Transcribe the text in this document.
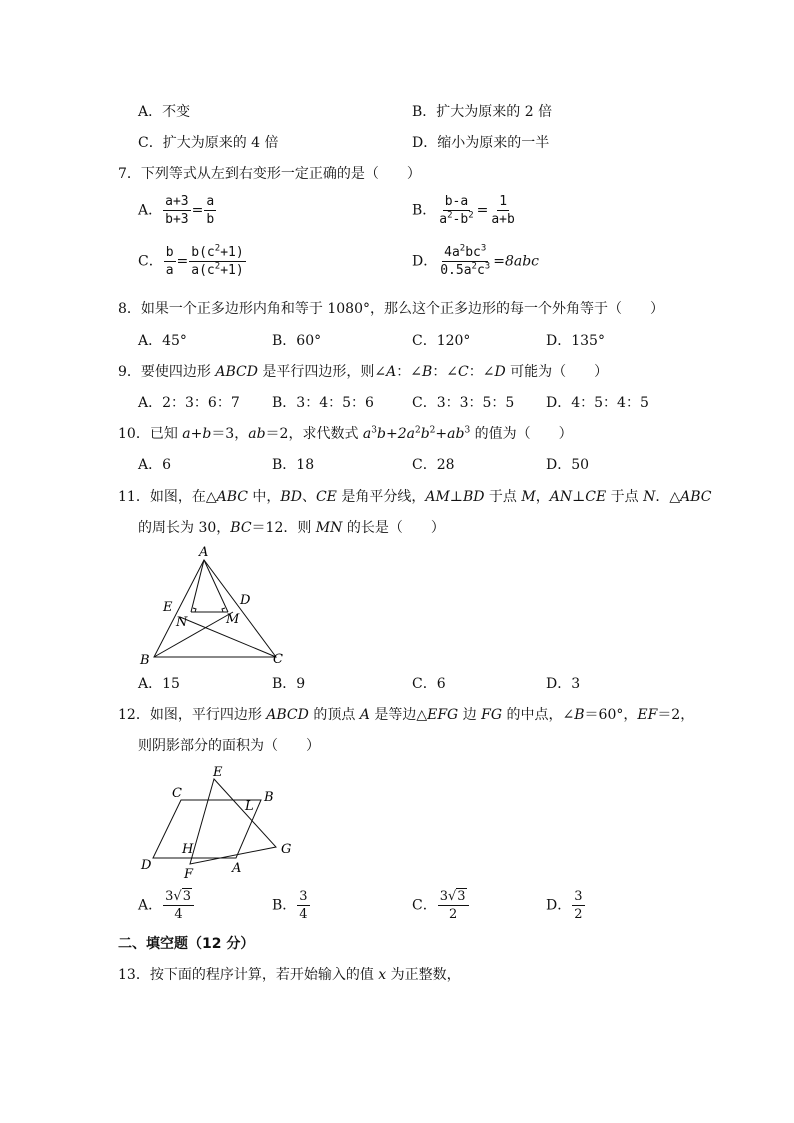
A．不变	B．扩大为原来的 2 倍
C．扩大为原来的 4 倍	D．缩小为原来的一半
7．下列等式从左到右变形一定正确的是（　　）
A． $\frac{a+3}{b+3} = \frac{a}{b}$	B． $\frac{b-a}{a^2-b^2} = \frac{1}{a+b}$
C． $\frac{b}{a} = \frac{b(c^2+1)}{a(c^2+1)}$	D． $\frac{4a^2bc^3}{0.5a^2c^3} =8abc$
8．如果一个正多边形内角和等于 1080°，那么这个正多边形的每一个外角等于（　　）
A．45°	B．60°	C．120°	D．135°
9．要使四边形 ABCD 是平行四边形，则∠A：∠B：∠C：∠D 可能为（　　）
A．2：3：6：7 B．3：4：5：6	C．3：3：5：5 D．4：5：4：5
10．已知 a+b＝3，ab＝2，求代数式 $a^3b+2a^2b^2+ab^3$ 的值为（　　）
A．6	B．18	C．28	D．50
11．如图，在△ABC 中，BD、CE 是角平分线，AM⊥BD 于点 M，AN⊥CE 于点 N．△ABC
的周长为 30，BC＝12．则 MN 的长是（　　）
A
B	C
D
E
M
N
A．15	B．9	C．6	D．3
12．如图，平行四边形 ABCD 的顶点 A 是等边△EFG 边 FG 的中点，∠B＝60°，EF＝2，
则阴影部分的面积为（　　）
E
C	B
L
G
H
D	A
F
A． $\frac{3√3}{4}$	B． $\frac{3}{4}$	C． $\frac{3√3}{2}$	D． $\frac{3}{2}$
二、填空题（12 分）
13．按下面的程序计算，若开始输入的值 x 为正整数，
